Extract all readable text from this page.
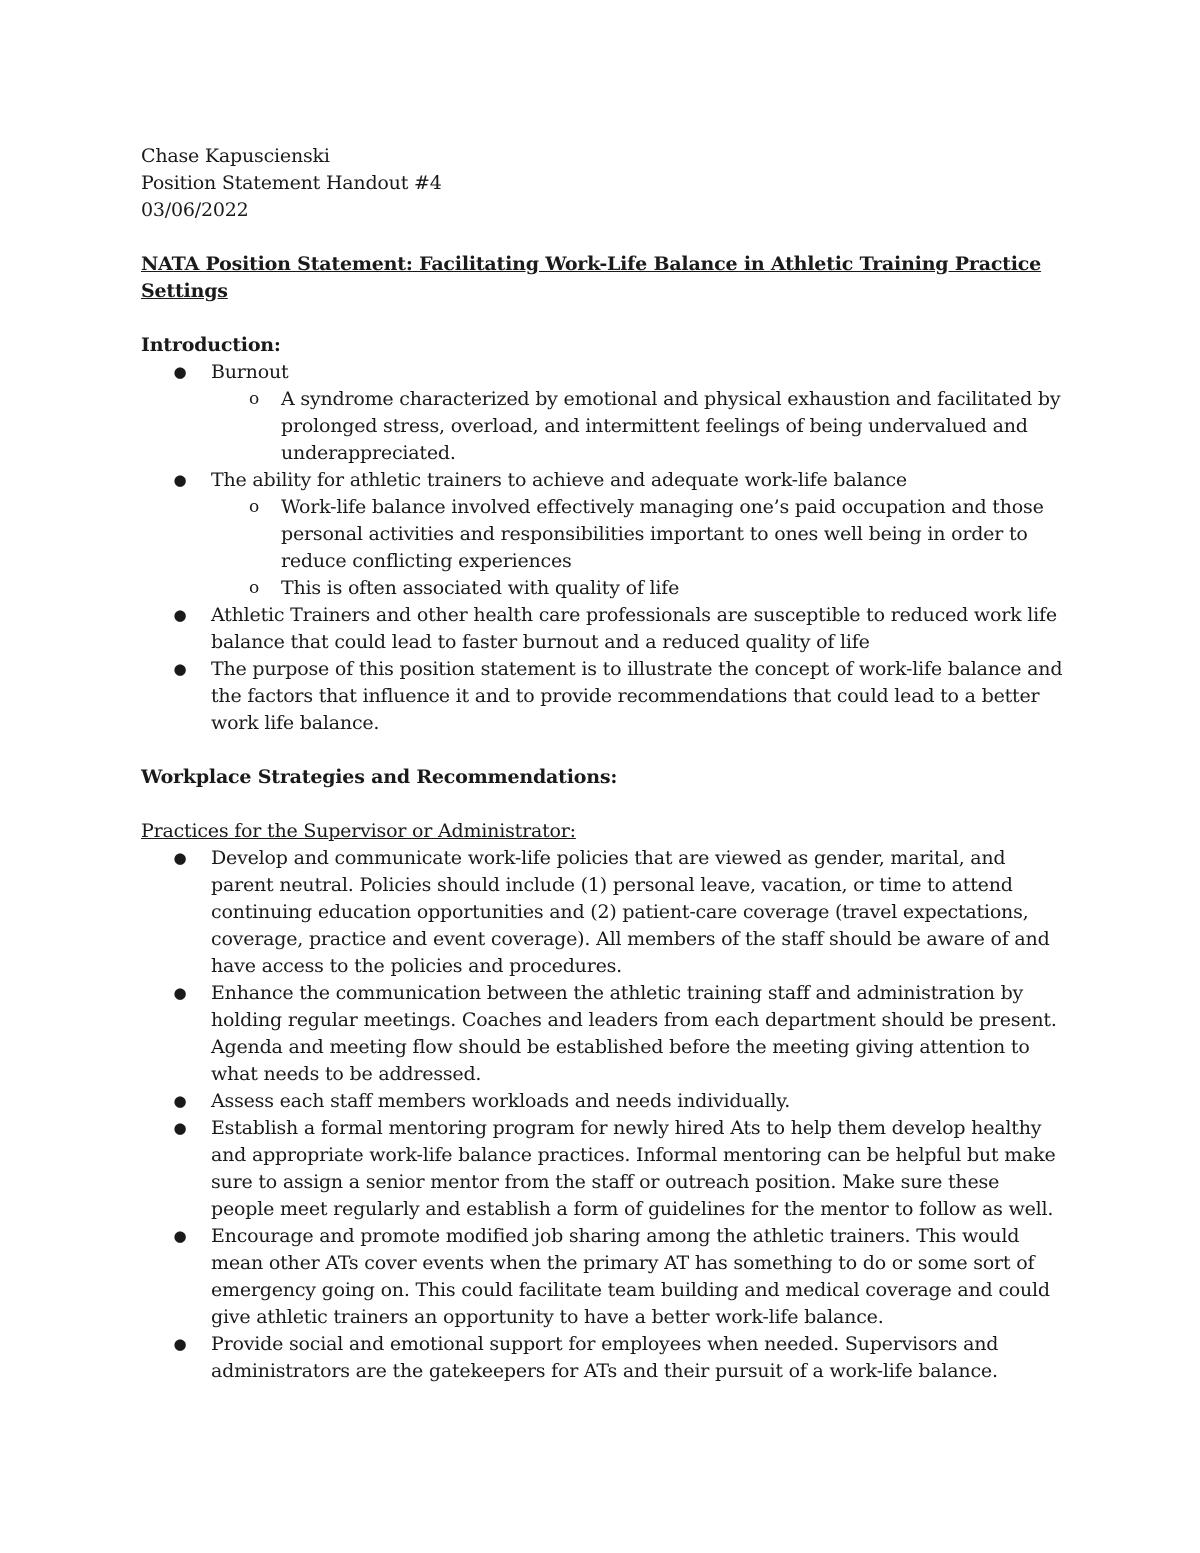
Chase Kapuscienski

Position Statement Handout #4

03/06/2022

NATA Position Statement: Facilitating Work-Life Balance in Athletic Training Practice Settings

Introduction:

● Burnout
o A syndrome characterized by emotional and physical exhaustion and facilitated by prolonged stress, overload, and intermittent feelings of being undervalued and underappreciated.
● The ability for athletic trainers to achieve and adequate work-life balance
o Work-life balance involved effectively managing one’s paid occupation and those personal activities and responsibilities important to ones well being in order to reduce conflicting experiences
o This is often associated with quality of life
● Athletic Trainers and other health care professionals are susceptible to reduced work life balance that could lead to faster burnout and a reduced quality of life
● The purpose of this position statement is to illustrate the concept of work-life balance and the factors that influence it and to provide recommendations that could lead to a better work life balance.

Workplace Strategies and Recommendations:

Practices for the Supervisor or Administrator:

● Develop and communicate work-life policies that are viewed as gender, marital, and parent neutral. Policies should include (1) personal leave, vacation, or time to attend continuing education opportunities and (2) patient-care coverage (travel expectations, coverage, practice and event coverage). All members of the staff should be aware of and have access to the policies and procedures.
● Enhance the communication between the athletic training staff and administration by holding regular meetings. Coaches and leaders from each department should be present. Agenda and meeting flow should be established before the meeting giving attention to what needs to be addressed.
● Assess each staff members workloads and needs individually.
● Establish a formal mentoring program for newly hired Ats to help them develop healthy and appropriate work-life balance practices. Informal mentoring can be helpful but make sure to assign a senior mentor from the staff or outreach position. Make sure these people meet regularly and establish a form of guidelines for the mentor to follow as well.
● Encourage and promote modified job sharing among the athletic trainers. This would mean other ATs cover events when the primary AT has something to do or some sort of emergency going on. This could facilitate team building and medical coverage and could give athletic trainers an opportunity to have a better work-life balance.
● Provide social and emotional support for employees when needed. Supervisors and administrators are the gatekeepers for ATs and their pursuit of a work-life balance.
